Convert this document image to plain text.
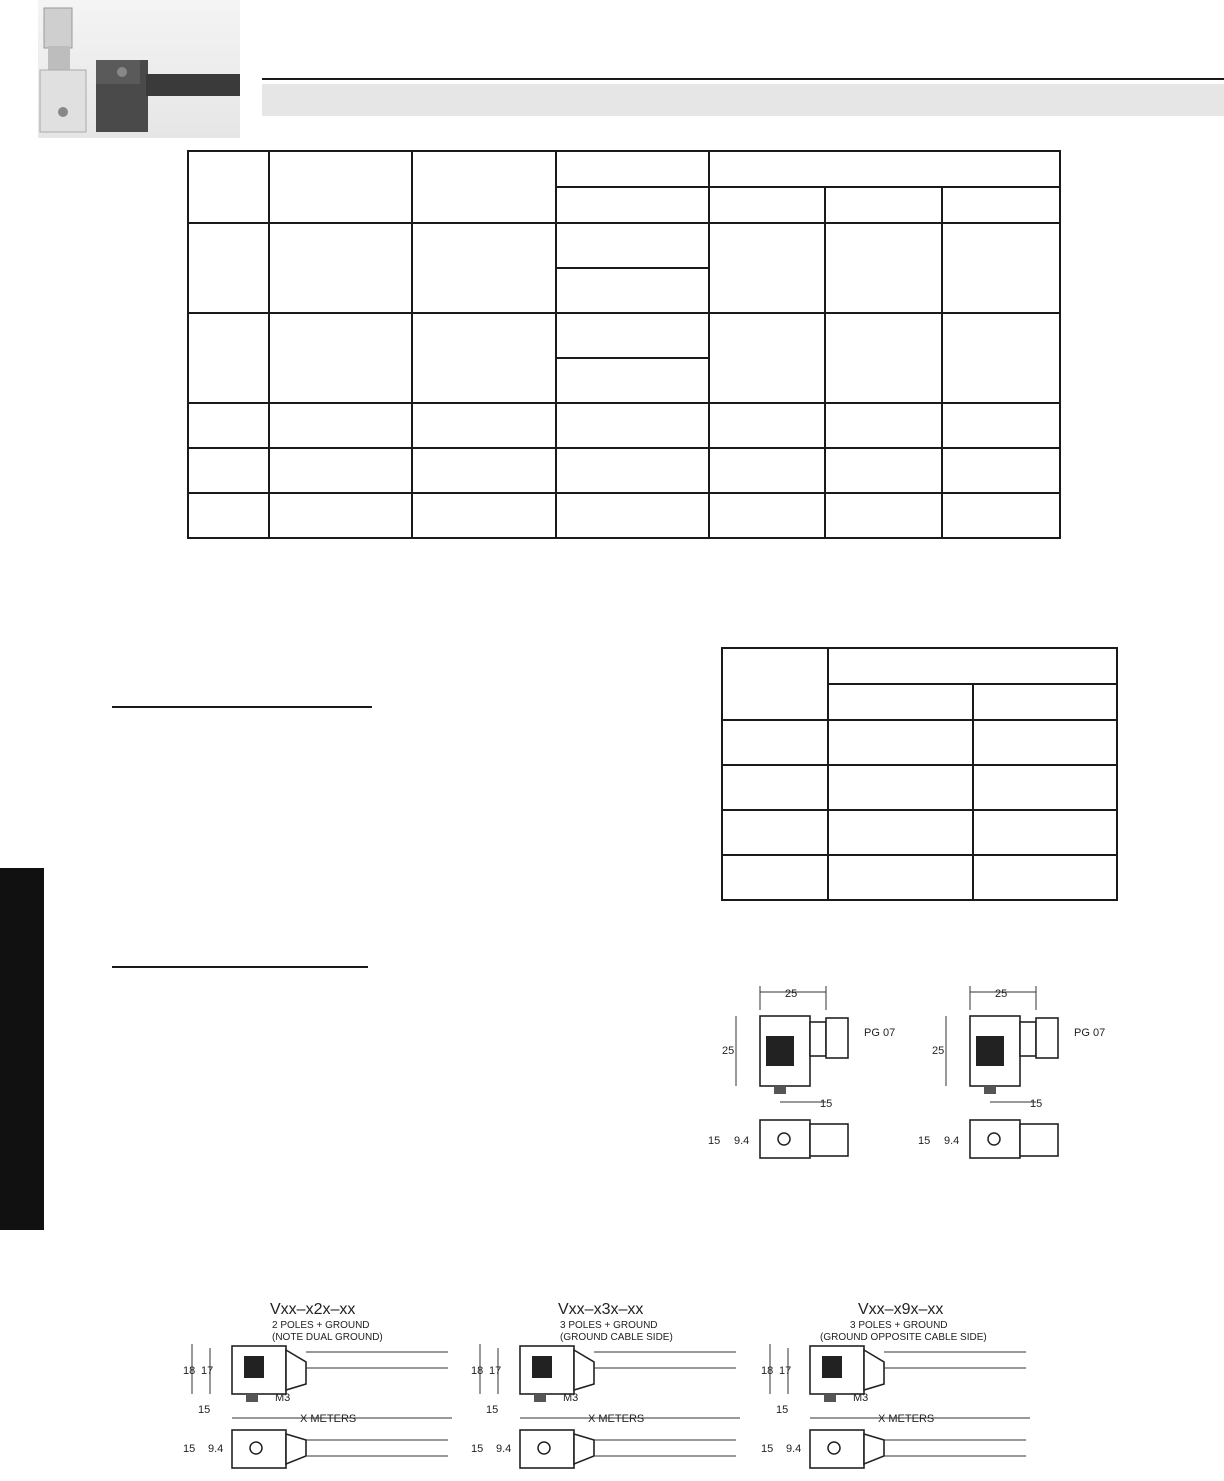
25
25
PG 07
15
15 9.4
25
25
PG 07
15
15 9.4
Vxx–x2x–xx
2 POLES + GROUND
(NOTE DUAL GROUND)
18 17
M3
15
X METERS
15 9.4
Vxx–x3x–xx
3 POLES + GROUND
(GROUND CABLE SIDE)
18 17
M3
15
X METERS
15 9.4
Vxx–x9x–xx
3 POLES + GROUND
(GROUND OPPOSITE CABLE SIDE)
18 17
M3
15
X METERS
15 9.4
